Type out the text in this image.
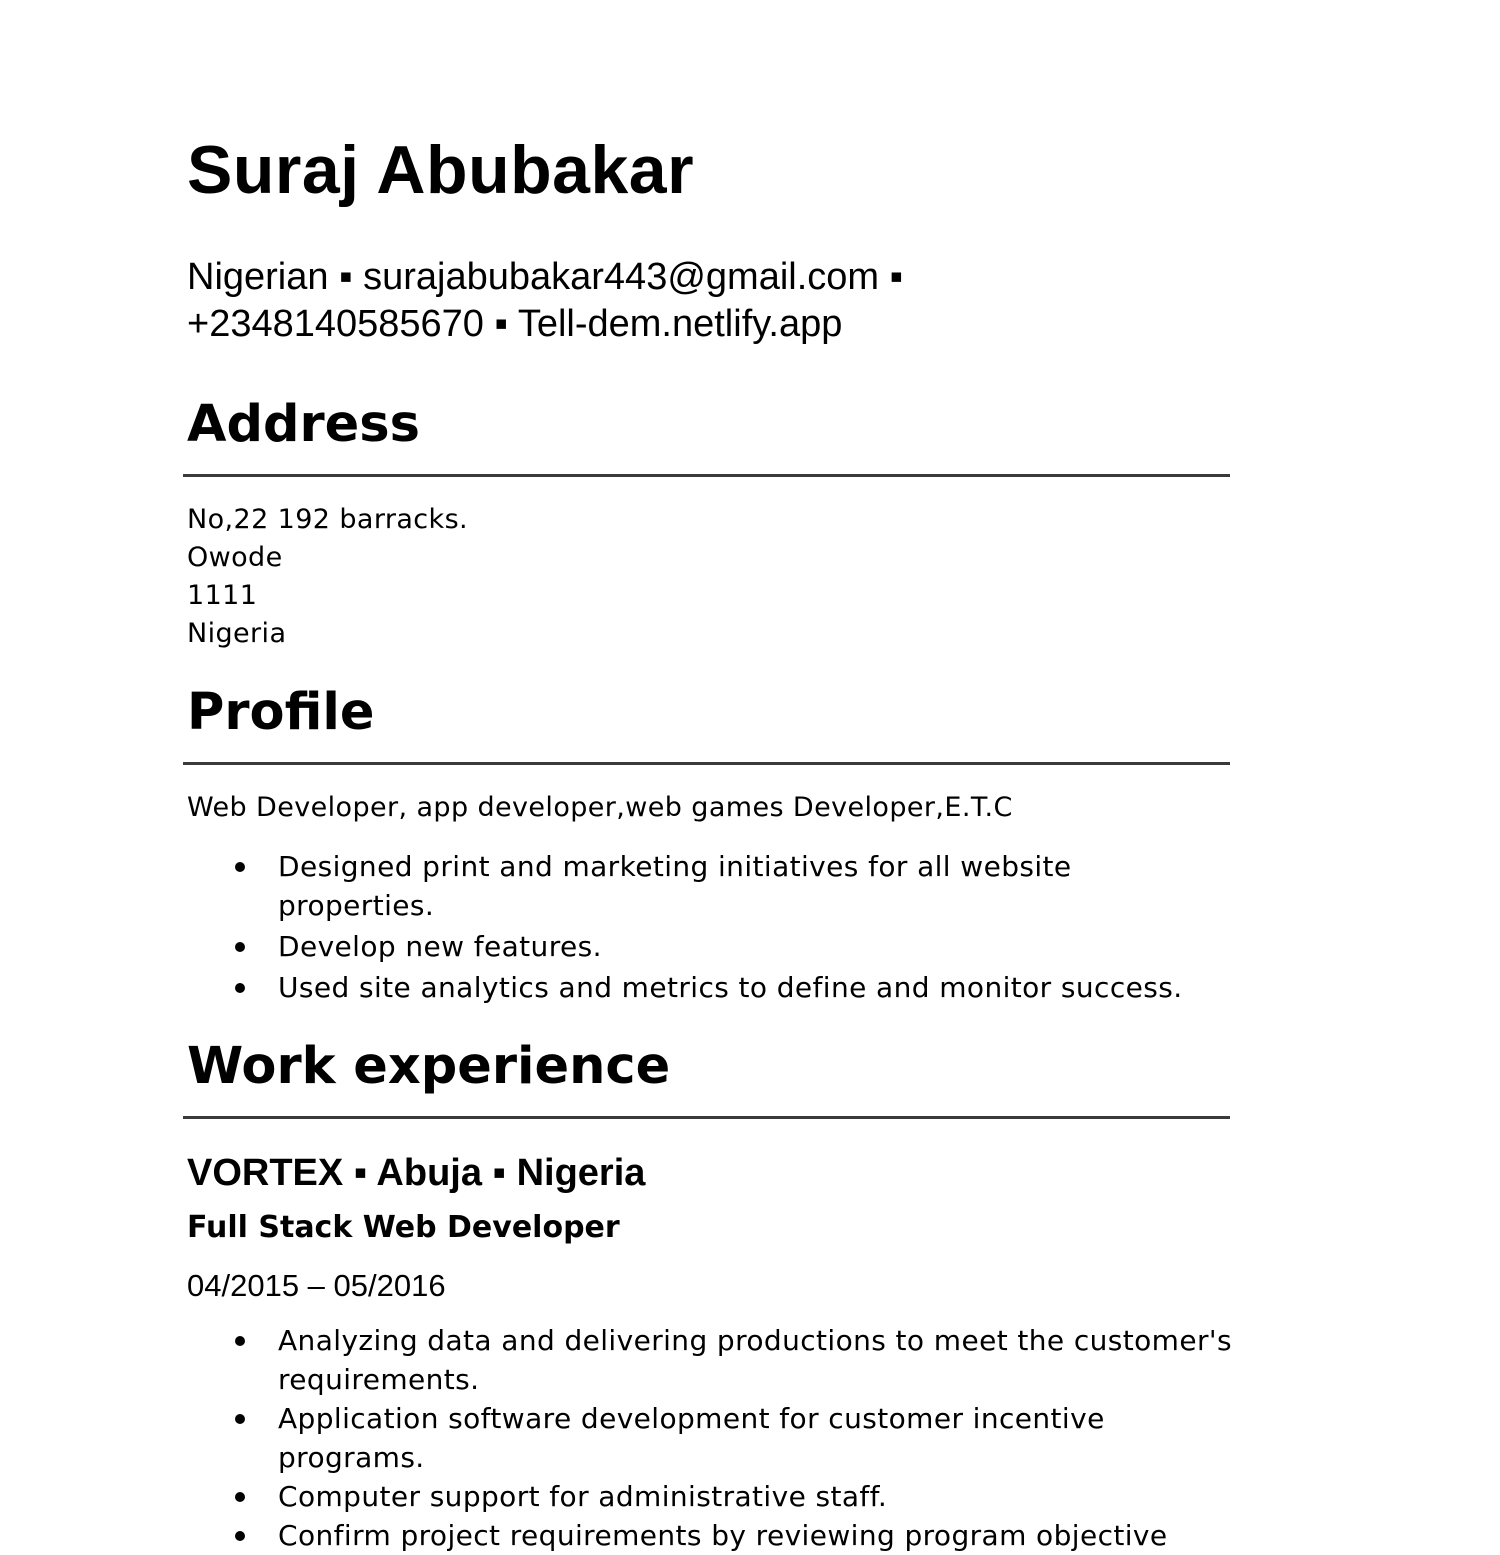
Suraj Abubakar
Nigerian ▪ surajabubakar443@gmail.com ▪
+2348140585670 ▪ Tell-dem.netlify.app
Address
No,22 192 barracks.
Owode
1111
Nigeria
Profile
Web Developer, app developer,web games Developer,E.T.C
Designed print and marketing initiatives for all website properties.
Develop new features.
Used site analytics and metrics to define and monitor success.
Work experience
VORTEX ▪ Abuja ▪ Nigeria
Full Stack Web Developer
04/2015 – 05/2016
Analyzing data and delivering productions to meet the customer's requirements.
Application software development for customer incentive programs.
Computer support for administrative staff.
Confirm project requirements by reviewing program objective
